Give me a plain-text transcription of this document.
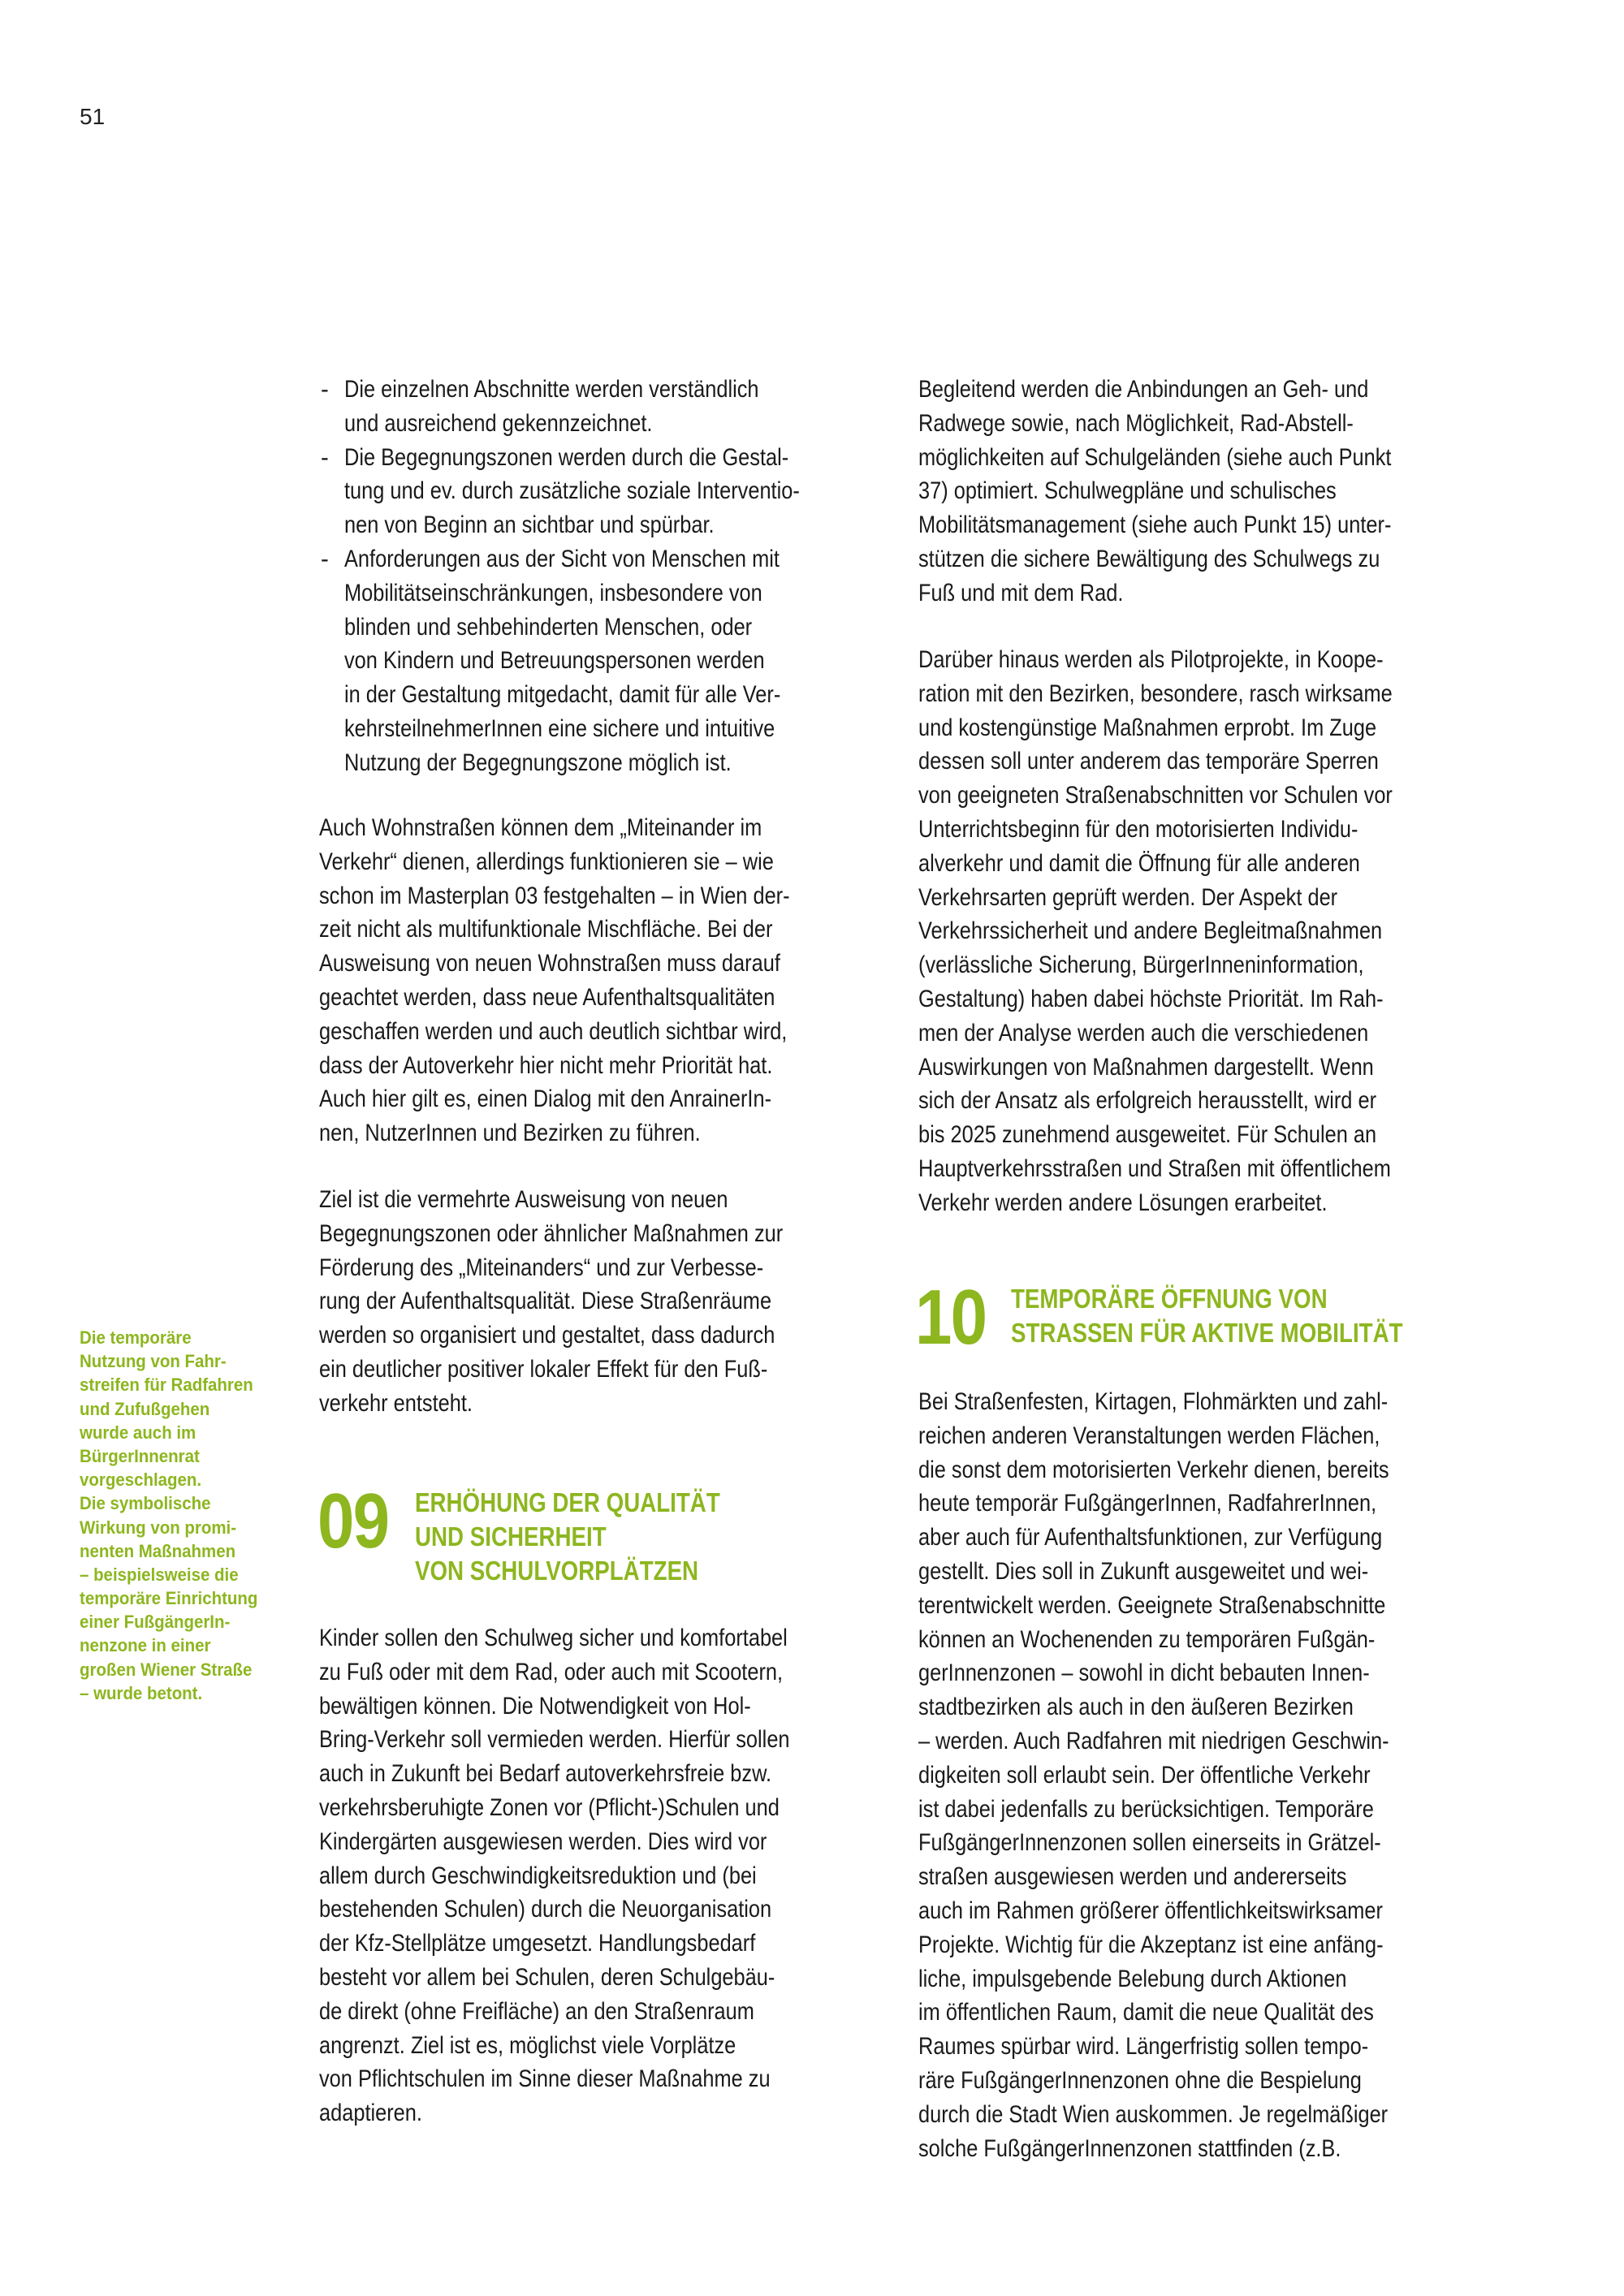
51
- Die einzelnen Abschnitte werden verständlich
und ausreichend gekennzeichnet.
- Die Begegnungszonen werden durch die Gestal-
tung und ev. durch zusätzliche soziale Interventio-
nen von Beginn an sichtbar und spürbar.
- Anforderungen aus der Sicht von Menschen mit
Mobilitätseinschränkungen, insbesondere von
blinden und sehbehinderten Menschen, oder
von Kindern und Betreuungspersonen werden
in der Gestaltung mitgedacht, damit für alle Ver-
kehrsteilnehmerInnen eine sichere und intuitive
Nutzung der Begegnungszone möglich ist.
Auch Wohnstraßen können dem „Miteinander im
Verkehr“ dienen, allerdings funktionieren sie – wie
schon im Masterplan 03 festgehalten – in Wien der-
zeit nicht als multifunktionale Mischfläche. Bei der
Ausweisung von neuen Wohnstraßen muss darauf
geachtet werden, dass neue Aufenthaltsqualitäten
geschaffen werden und auch deutlich sichtbar wird,
dass der Autoverkehr hier nicht mehr Priorität hat.
Auch hier gilt es, einen Dialog mit den AnrainerIn-
nen, NutzerInnen und Bezirken zu führen.
Ziel ist die vermehrte Ausweisung von neuen
Begegnungszonen oder ähnlicher Maßnahmen zur
Förderung des „Miteinanders“ und zur Verbesse-
rung der Aufenthaltsqualität. Diese Straßenräume
werden so organisiert und gestaltet, dass dadurch
ein deutlicher positiver lokaler Effekt für den Fuß-
verkehr entsteht.
Die temporäre
Nutzung von Fahr-
streifen für Radfahren
und Zufußgehen
wurde auch im
BürgerInnenrat
vorgeschlagen.
Die symbolische
Wirkung von promi-
nenten Maßnahmen
– beispielsweise die
temporäre Einrichtung
einer FußgängerIn-
nenzone in einer
großen Wiener Straße
– wurde betont.
09 ERHÖHUNG DER QUALITÄT
UND SICHERHEIT
VON SCHULVORPLÄTZEN
Kinder sollen den Schulweg sicher und komfortabel
zu Fuß oder mit dem Rad, oder auch mit Scootern,
bewältigen können. Die Notwendigkeit von Hol-
Bring-Verkehr soll vermieden werden. Hierfür sollen
auch in Zukunft bei Bedarf autoverkehrsfreie bzw.
verkehrsberuhigte Zonen vor (Pflicht-)Schulen und
Kindergärten ausgewiesen werden. Dies wird vor
allem durch Geschwindigkeitsreduktion und (bei
bestehenden Schulen) durch die Neuorganisation
der Kfz-Stellplätze umgesetzt. Handlungsbedarf
besteht vor allem bei Schulen, deren Schulgebäu-
de direkt (ohne Freifläche) an den Straßenraum
angrenzt. Ziel ist es, möglichst viele Vorplätze
von Pflichtschulen im Sinne dieser Maßnahme zu
adaptieren.
Begleitend werden die Anbindungen an Geh- und
Radwege sowie, nach Möglichkeit, Rad-Abstell-
möglichkeiten auf Schulgeländen (siehe auch Punkt
37) optimiert. Schulwegpläne und schulisches
Mobilitätsmanagement (siehe auch Punkt 15) unter-
stützen die sichere Bewältigung des Schulwegs zu
Fuß und mit dem Rad.
Darüber hinaus werden als Pilotprojekte, in Koope-
ration mit den Bezirken, besondere, rasch wirksame
und kostengünstige Maßnahmen erprobt. Im Zuge
dessen soll unter anderem das temporäre Sperren
von geeigneten Straßenabschnitten vor Schulen vor
Unterrichtsbeginn für den motorisierten Individu-
alverkehr und damit die Öffnung für alle anderen
Verkehrsarten geprüft werden. Der Aspekt der
Verkehrssicherheit und andere Begleitmaßnahmen
(verlässliche Sicherung, BürgerInneninformation,
Gestaltung) haben dabei höchste Priorität. Im Rah-
men der Analyse werden auch die verschiedenen
Auswirkungen von Maßnahmen dargestellt. Wenn
sich der Ansatz als erfolgreich herausstellt, wird er
bis 2025 zunehmend ausgeweitet. Für Schulen an
Hauptverkehrsstraßen und Straßen mit öffentlichem
Verkehr werden andere Lösungen erarbeitet.
10 TEMPORÄRE ÖFFNUNG VON
STRASSEN FÜR AKTIVE MOBILITÄT
Bei Straßenfesten, Kirtagen, Flohmärkten und zahl-
reichen anderen Veranstaltungen werden Flächen,
die sonst dem motorisierten Verkehr dienen, bereits
heute temporär FußgängerInnen, RadfahrerInnen,
aber auch für Aufenthaltsfunktionen, zur Verfügung
gestellt. Dies soll in Zukunft ausgeweitet und wei-
terentwickelt werden. Geeignete Straßenabschnitte
können an Wochenenden zu temporären Fußgän-
gerInnenzonen – sowohl in dicht bebauten Innen-
stadtbezirken als auch in den äußeren Bezirken
– werden. Auch Radfahren mit niedrigen Geschwin-
digkeiten soll erlaubt sein. Der öffentliche Verkehr
ist dabei jedenfalls zu berücksichtigen. Temporäre
FußgängerInnenzonen sollen einerseits in Grätzel-
straßen ausgewiesen werden und andererseits
auch im Rahmen größerer öffentlichkeitswirksamer
Projekte. Wichtig für die Akzeptanz ist eine anfäng-
liche, impulsgebende Belebung durch Aktionen
im öffentlichen Raum, damit die neue Qualität des
Raumes spürbar wird. Längerfristig sollen tempo-
räre FußgängerInnenzonen ohne die Bespielung
durch die Stadt Wien auskommen. Je regelmäßiger
solche FußgängerInnenzonen stattfinden (z.B.
